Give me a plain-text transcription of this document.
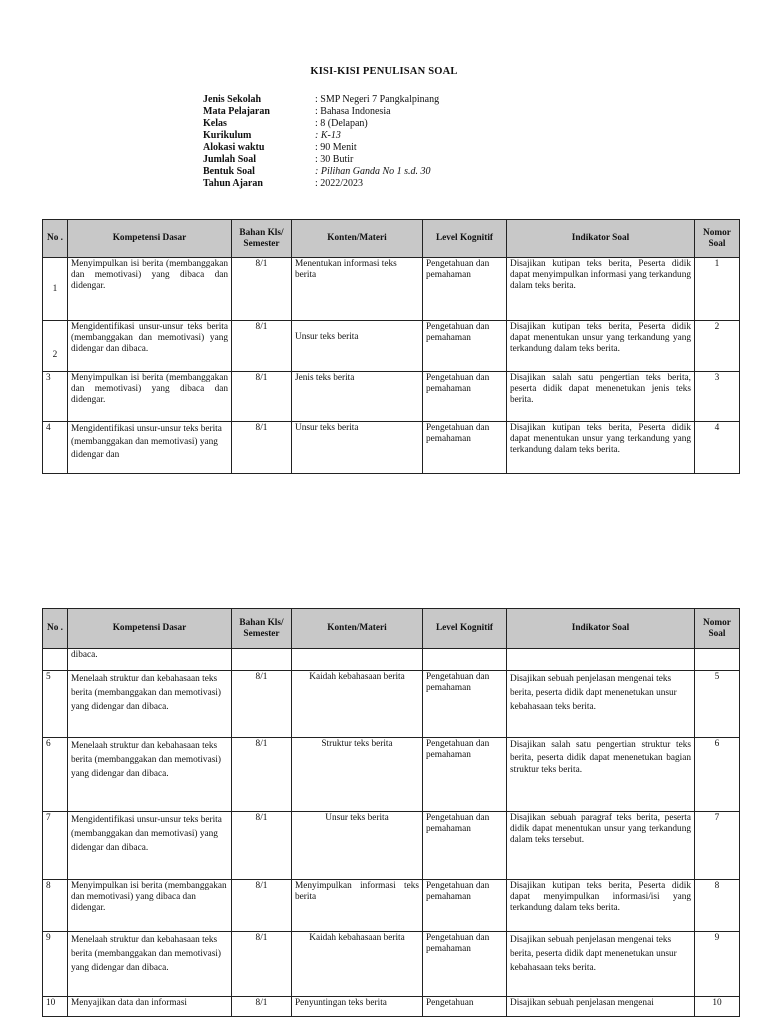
KISI-KISI PENULISAN SOAL
Jenis Sekolah	: SMP Negeri 7 Pangkalpinang
Mata Pelajaran	: Bahasa Indonesia
Kelas	: 8 (Delapan)
Kurikulum	: K-13
Alokasi waktu	: 90 Menit
Jumlah Soal	: 30 Butir
Bentuk Soal	: Pilihan Ganda No 1 s.d. 30
Tahun Ajaran	: 2022/2023
No .	Kompetensi Dasar	Bahan Kls/ Semester	Konten/Materi	Level Kognitif	Indikator Soal	Nomor Soal
1	Menyimpulkan isi berita (membanggakan dan memotivasi) yang dibaca dan didengar.	8/1	Menentukan informasi teks berita	Pengetahuan dan pemahaman	Disajikan kutipan teks berita, Peserta didik dapat menyimpulkan informasi yang terkandung dalam teks berita.	1
2	Mengidentifikasi unsur-unsur teks berita (membanggakan dan memotivasi) yang didengar dan dibaca.	8/1	Unsur teks berita	Pengetahuan dan pemahaman	Disajikan kutipan teks berita, Peserta didik dapat menentukan unsur yang terkandung yang terkandung dalam teks berita.	2
3	Menyimpulkan isi berita (membanggakan dan memotivasi) yang dibaca dan didengar.	8/1	Jenis teks berita	Pengetahuan dan pemahaman	Disajikan salah satu pengertian teks berita, peserta didik dapat menenetukan jenis teks berita.	3
4	Mengidentifikasi unsur-unsur teks berita (membanggakan dan memotivasi) yang didengar dan	8/1	Unsur teks berita	Pengetahuan dan pemahaman	Disajikan kutipan teks berita, Peserta didik dapat menentukan unsur yang terkandung yang terkandung dalam teks berita.	4
No .	Kompetensi Dasar	Bahan Kls/ Semester	Konten/Materi	Level Kognitif	Indikator Soal	Nomor Soal
	dibaca.					
5	Menelaah struktur dan kebahasaan teks berita (membanggakan dan memotivasi) yang didengar dan dibaca.	8/1	Kaidah kebahasaan berita	Pengetahuan dan pemahaman	Disajikan sebuah penjelasan mengenai teks berita, peserta didik dapt menenetukan unsur kebahasaan teks berita.	5
6	Menelaah struktur dan kebahasaan teks berita (membanggakan dan memotivasi) yang didengar dan dibaca.	8/1	Struktur teks berita	Pengetahuan dan pemahaman	Disajikan salah satu pengertian struktur teks berita, peserta didik dapat menenetukan bagian struktur teks berita.	6
7	Mengidentifikasi unsur-unsur teks berita (membanggakan dan memotivasi) yang didengar dan dibaca.	8/1	Unsur teks berita	Pengetahuan dan pemahaman	Disajikan sebuah paragraf teks berita, peserta didik dapat menentukan unsur yang terkandung dalam teks tersebut.	7
8	Menyimpulkan isi berita (membanggakan dan memotivasi) yang dibaca dan didengar.	8/1	Menyimpulkan informasi teks berita	Pengetahuan dan pemahaman	Disajikan kutipan teks berita, Peserta didik dapat menyimpulkan informasi/isi yang terkandung dalam teks berita.	8
9	Menelaah struktur dan kebahasaan teks berita (membanggakan dan memotivasi) yang didengar dan dibaca.	8/1	Kaidah kebahasaan berita	Pengetahuan dan pemahaman	Disajikan sebuah penjelasan mengenai teks berita, peserta didik dapt menenetukan unsur kebahasaan teks berita.	9
10	Menyajikan data dan informasi	8/1	Penyuntingan teks berita	Pengetahuan	Disajikan sebuah penjelasan mengenai	10
